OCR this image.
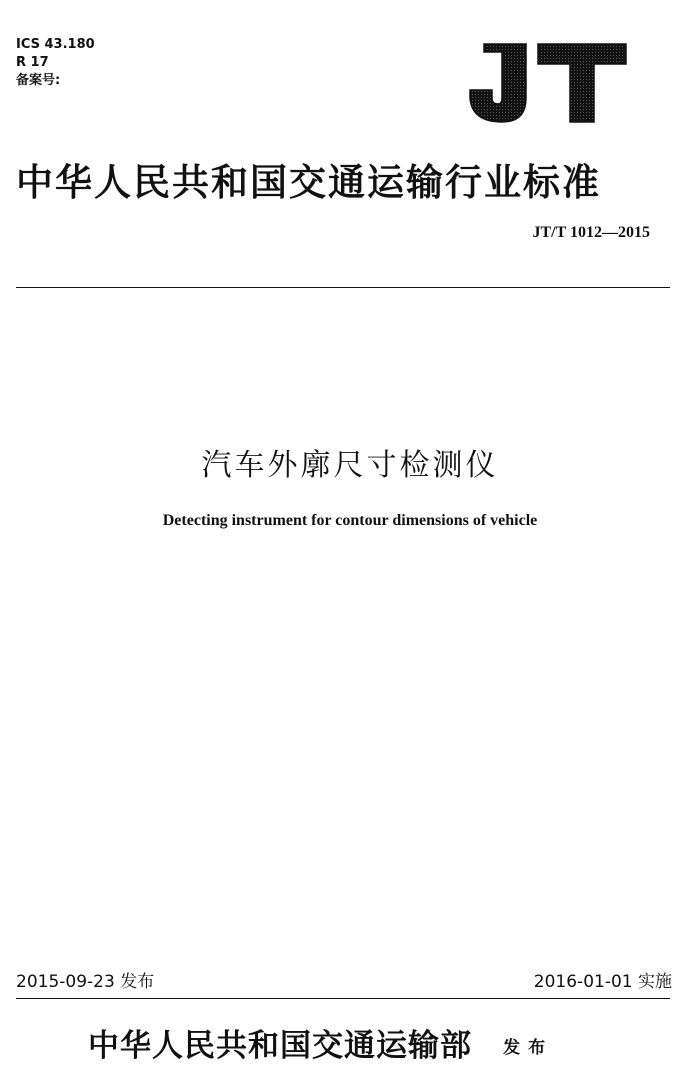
ICS 43.180
R 17
备案号:
中华人民共和国交通运输行业标准
JT/T 1012—2015
汽车外廓尺寸检测仪
Detecting instrument for contour dimensions of vehicle
2015-09-23 发布	2016-01-01 实施
中华人民共和国交通运输部 发布
